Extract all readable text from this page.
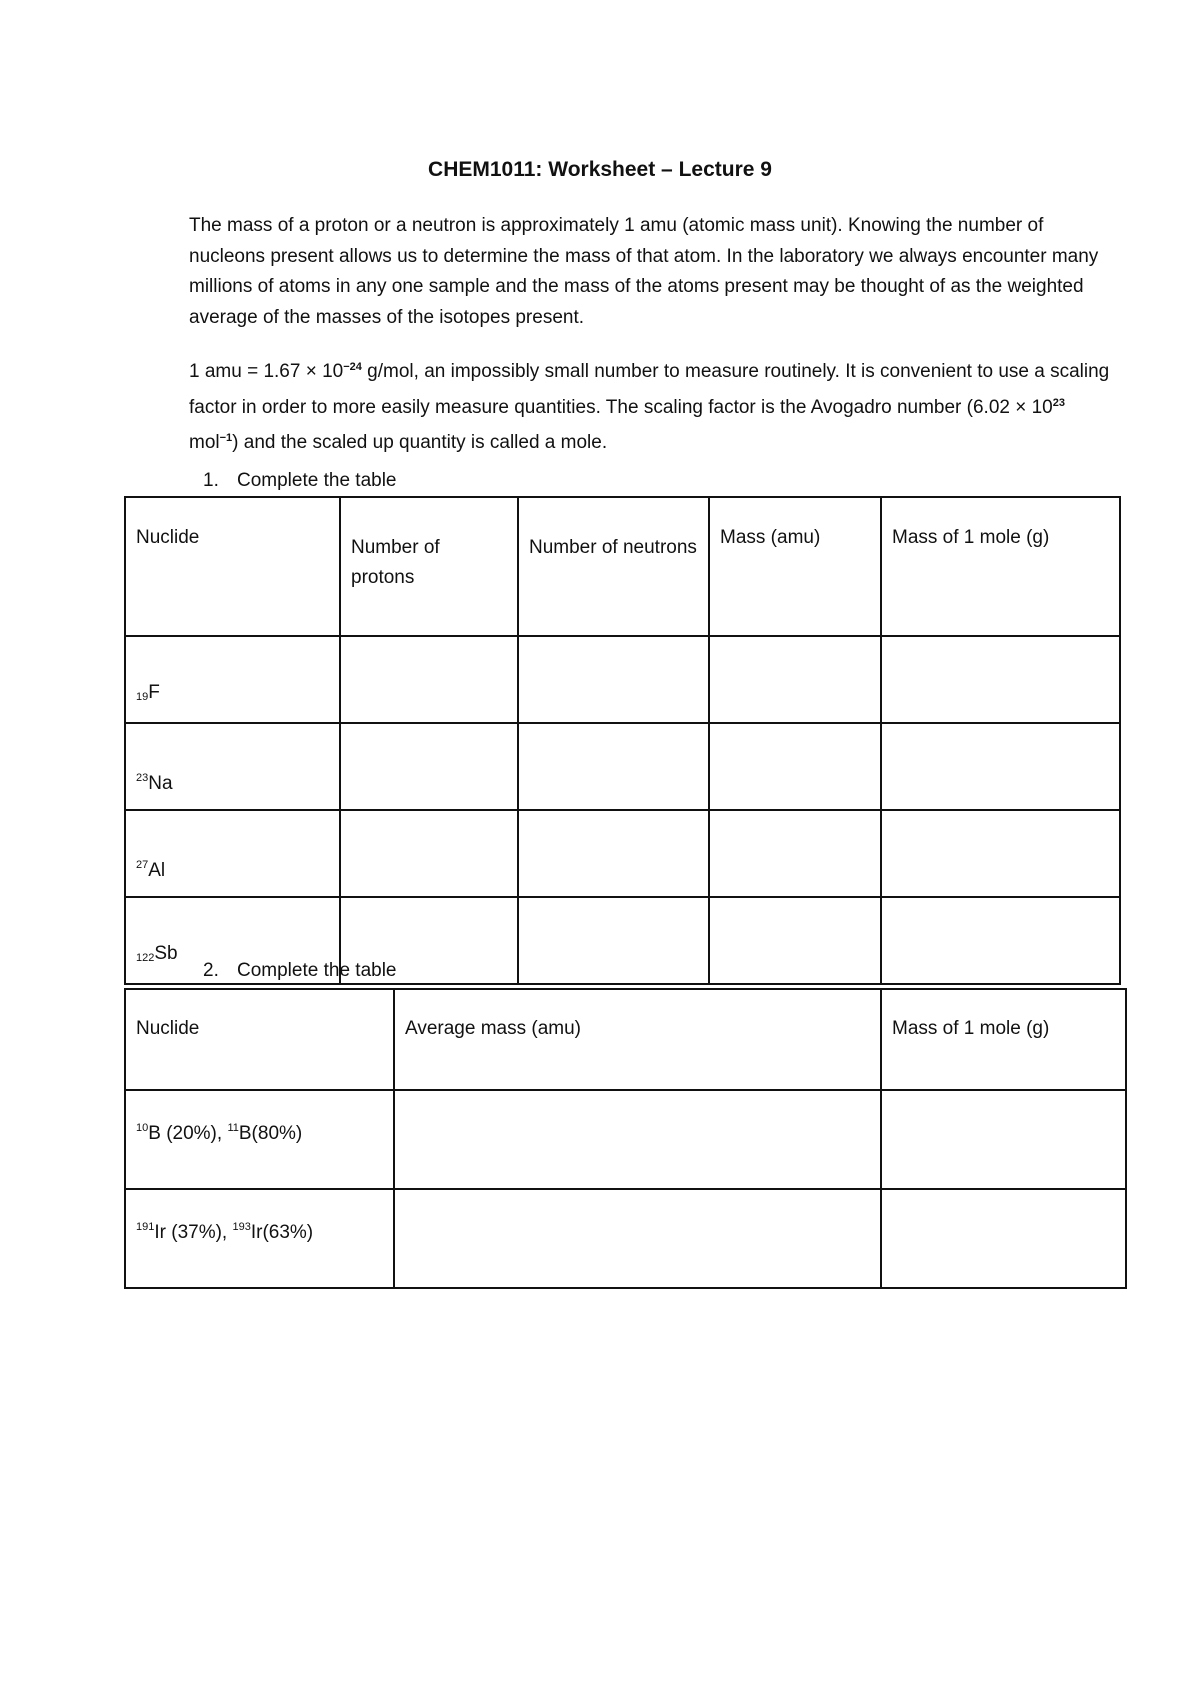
CHEM1011: Worksheet – Lecture 9
The mass of a proton or a neutron is approximately 1 amu (atomic mass unit). Knowing the number of nucleons present allows us to determine the mass of that atom. In the laboratory we always encounter many millions of atoms in any one sample and the mass of the atoms present may be thought of as the weighted average of the masses of the isotopes present.
1 amu = $1.67 \times 10^{-24}$ g/mol, an impossibly small number to measure routinely. It is convenient to use a scaling factor in order to more easily measure quantities. The scaling factor is the Avogadro number ($6.02 \times 10^{23}$ mol$^{-1}$) and the scaled up quantity is called a mole.
1. Complete the table
Nuclide	Number of protons	Number of neutrons	Mass (amu)	Mass of 1 mole (g)
19F				
$^{23}$Na				
$^{27}$Al				
122Sb				
2. Complete the table
Nuclide	Average mass (amu)	Mass of 1 mole (g)
$^{10}$B (20%), $^{11}$B(80%)		
$^{191}$Ir (37%), $^{193}$Ir(63%)		
